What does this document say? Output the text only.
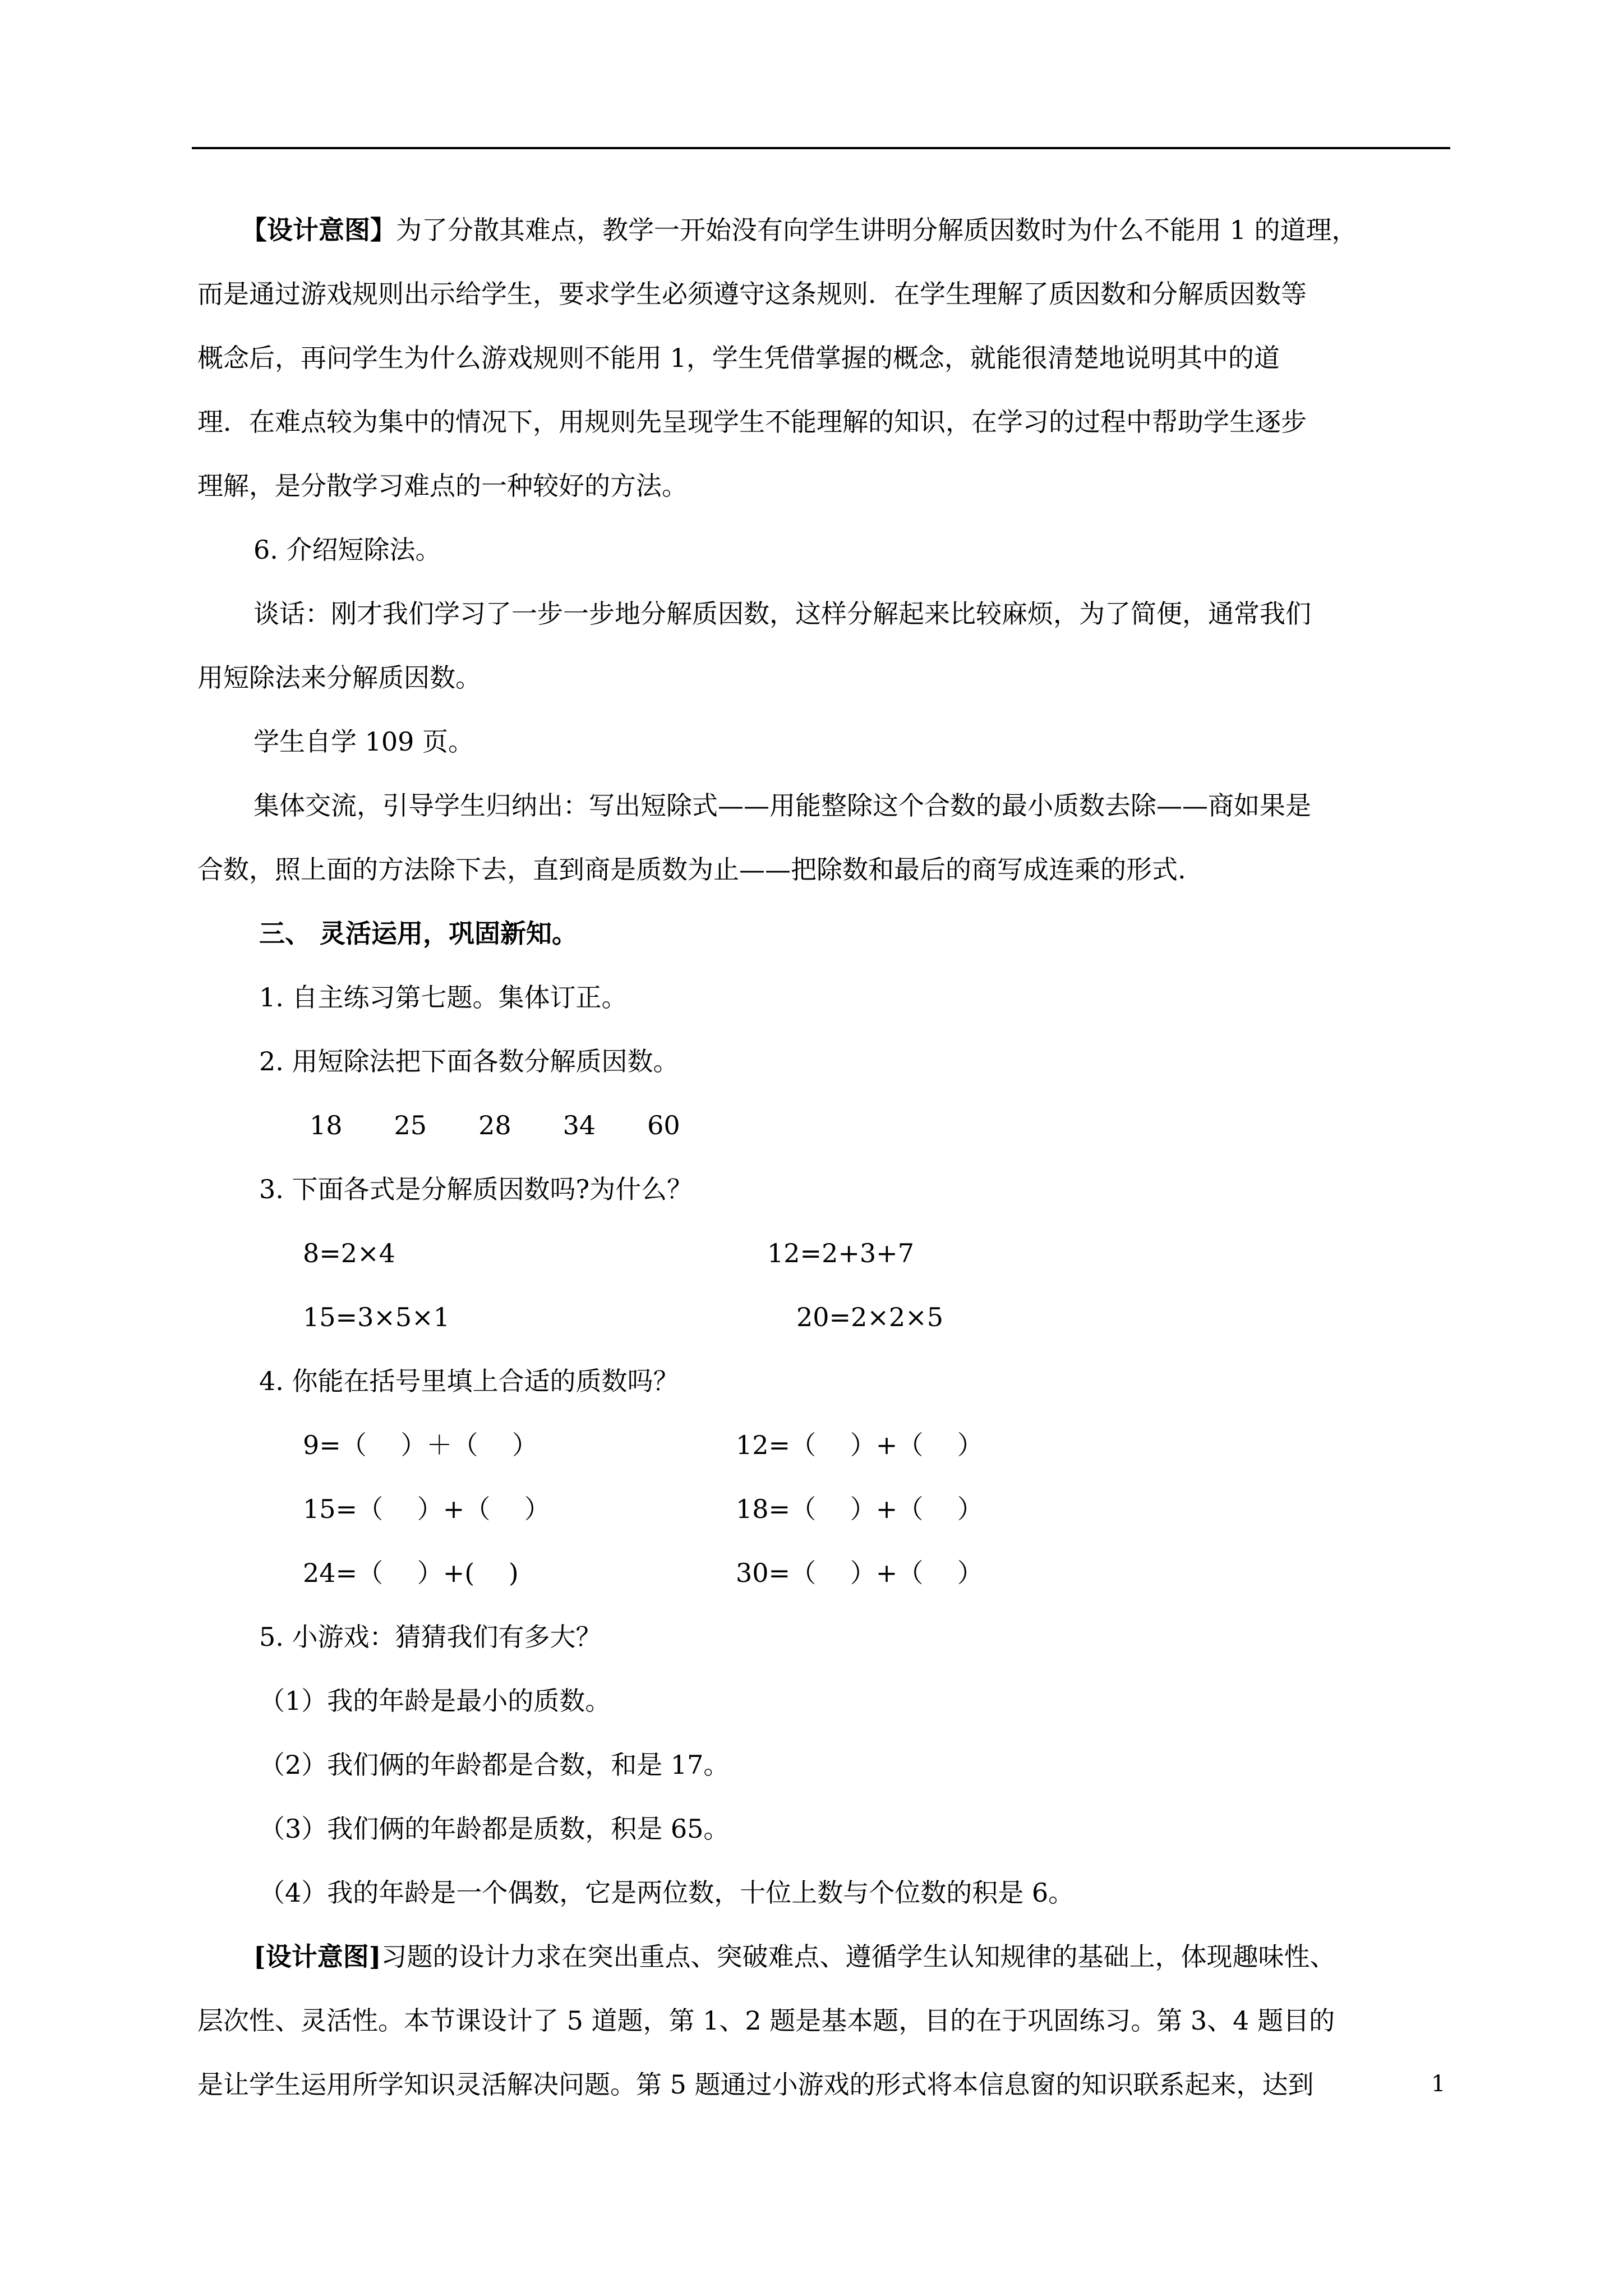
【设计意图】为了分散其难点，教学一开始没有向学生讲明分解质因数时为什么不能用 1 的道理，
而是通过游戏规则出示给学生，要求学生必须遵守这条规则．在学生理解了质因数和分解质因数等
概念后，再问学生为什么游戏规则不能用 1，学生凭借掌握的概念，就能很清楚地说明其中的道
理．在难点较为集中的情况下，用规则先呈现学生不能理解的知识，在学习的过程中帮助学生逐步
理解，是分散学习难点的一种较好的方法。
6. 介绍短除法。
谈话：刚才我们学习了一步一步地分解质因数，这样分解起来比较麻烦，为了简便，通常我们
用短除法来分解质因数。
学生自学 109 页。
集体交流，引导学生归纳出：写出短除式——用能整除这个合数的最小质数去除——商如果是
合数，照上面的方法除下去，直到商是质数为止——把除数和最后的商写成连乘的形式.
三、 灵活运用，巩固新知。
1. 自主练习第七题。集体订正。
2. 用短除法把下面各数分解质因数。
18　　25　　28　　34　　60
3. 下面各式是分解质因数吗?为什么？
8=2×4	12=2+3+7
15=3×5×1	20=2×2×5
4. 你能在括号里填上合适的质数吗？
9=（　 ）＋（　 ）	12=（　 ）+（　 ）
15=（　 ）+（　 ）	18=（　 ）+（　 ）
24=（　 ）+(　 )	30=（　 ）+（　 ）
5. 小游戏：猜猜我们有多大？
（1）我的年龄是最小的质数。
（2）我们俩的年龄都是合数，和是 17。
（3）我们俩的年龄都是质数，积是 65。
（4）我的年龄是一个偶数，它是两位数，十位上数与个位数的积是 6。
[设计意图]习题的设计力求在突出重点、突破难点、遵循学生认知规律的基础上，体现趣味性、
层次性、灵活性。本节课设计了 5 道题，第 1、2 题是基本题，目的在于巩固练习。第 3、4 题目的
是让学生运用所学知识灵活解决问题。第 5 题通过小游戏的形式将本信息窗的知识联系起来，达到	1
